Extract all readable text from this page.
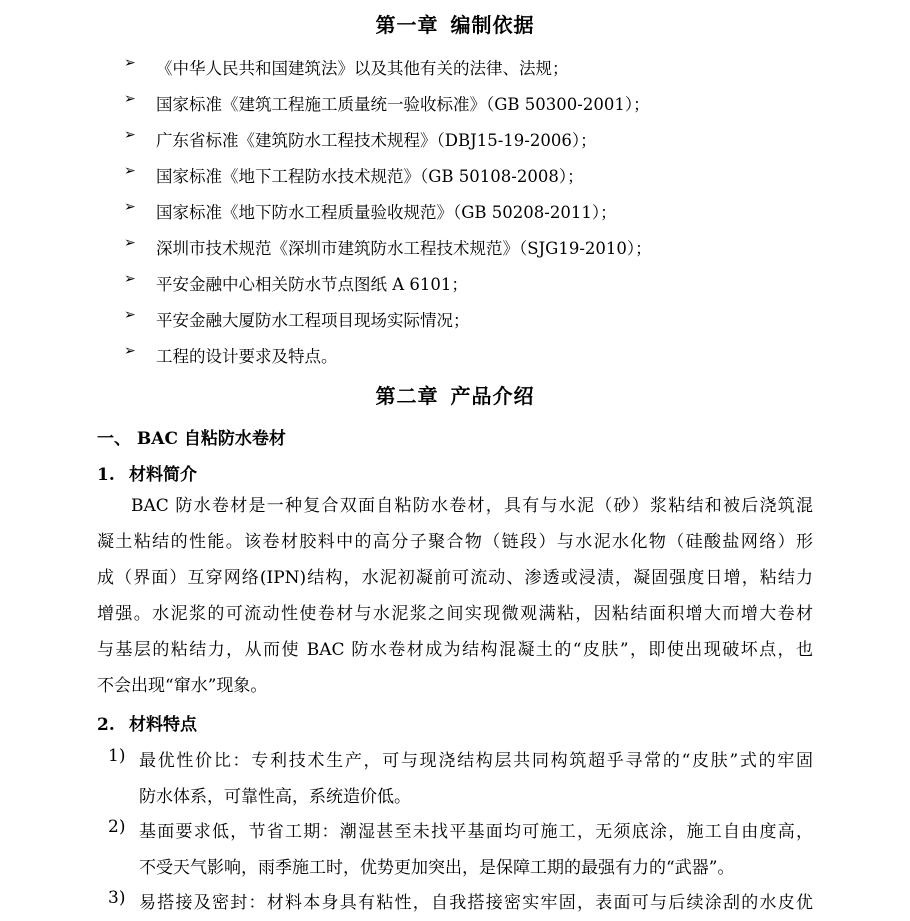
第一章 编制依据
➢ 《中华人民共和国建筑法》以及其他有关的法律、法规；
➢ 国家标准《建筑工程施工质量统一验收标准》（GB 50300-2001）；
➢ 广东省标准《建筑防水工程技术规程》（DBJ15-19-2006）；
➢ 国家标准《地下工程防水技术规范》（GB 50108-2008）；
➢ 国家标准《地下防水工程质量验收规范》（GB 50208-2011）；
➢ 深圳市技术规范《深圳市建筑防水工程技术规范》（SJG19-2010）；
➢ 平安金融中心相关防水节点图纸 A 6101；
➢ 平安金融大厦防水工程项目现场实际情况；
➢ 工程的设计要求及特点。
第二章 产品介绍
一、 BAC 自粘防水卷材
1. 材料简介
BAC 防水卷材是一种复合双面自粘防水卷材，具有与水泥（砂）浆粘结和被后浇筑混
凝土粘结的性能。该卷材胶料中的高分子聚合物（链段）与水泥水化物（硅酸盐网络）形
成（界面）互穿网络(IPN)结构，水泥初凝前可流动、渗透或浸渍，凝固强度日增，粘结力
增强。水泥浆的可流动性使卷材与水泥浆之间实现微观满粘，因粘结面积增大而增大卷材
与基层的粘结力，从而使 BAC 防水卷材成为结构混凝土的“皮肤”，即使出现破坏点，也
不会出现“窜水”现象。
2. 材料特点
1) 最优性价比：专利技术生产，可与现浇结构层共同构筑超乎寻常的“皮肤”式的牢固
防水体系，可靠性高，系统造价低。
2) 基面要求低，节省工期：潮湿甚至未找平基面均可施工，无须底涂，施工自由度高，
不受天气影响，雨季施工时，优势更加突出，是保障工期的最强有力的“武器”。
3) 易搭接及密封：材料本身具有粘性，自我搭接密实牢固，表面可与后续涂刮的水皮优
